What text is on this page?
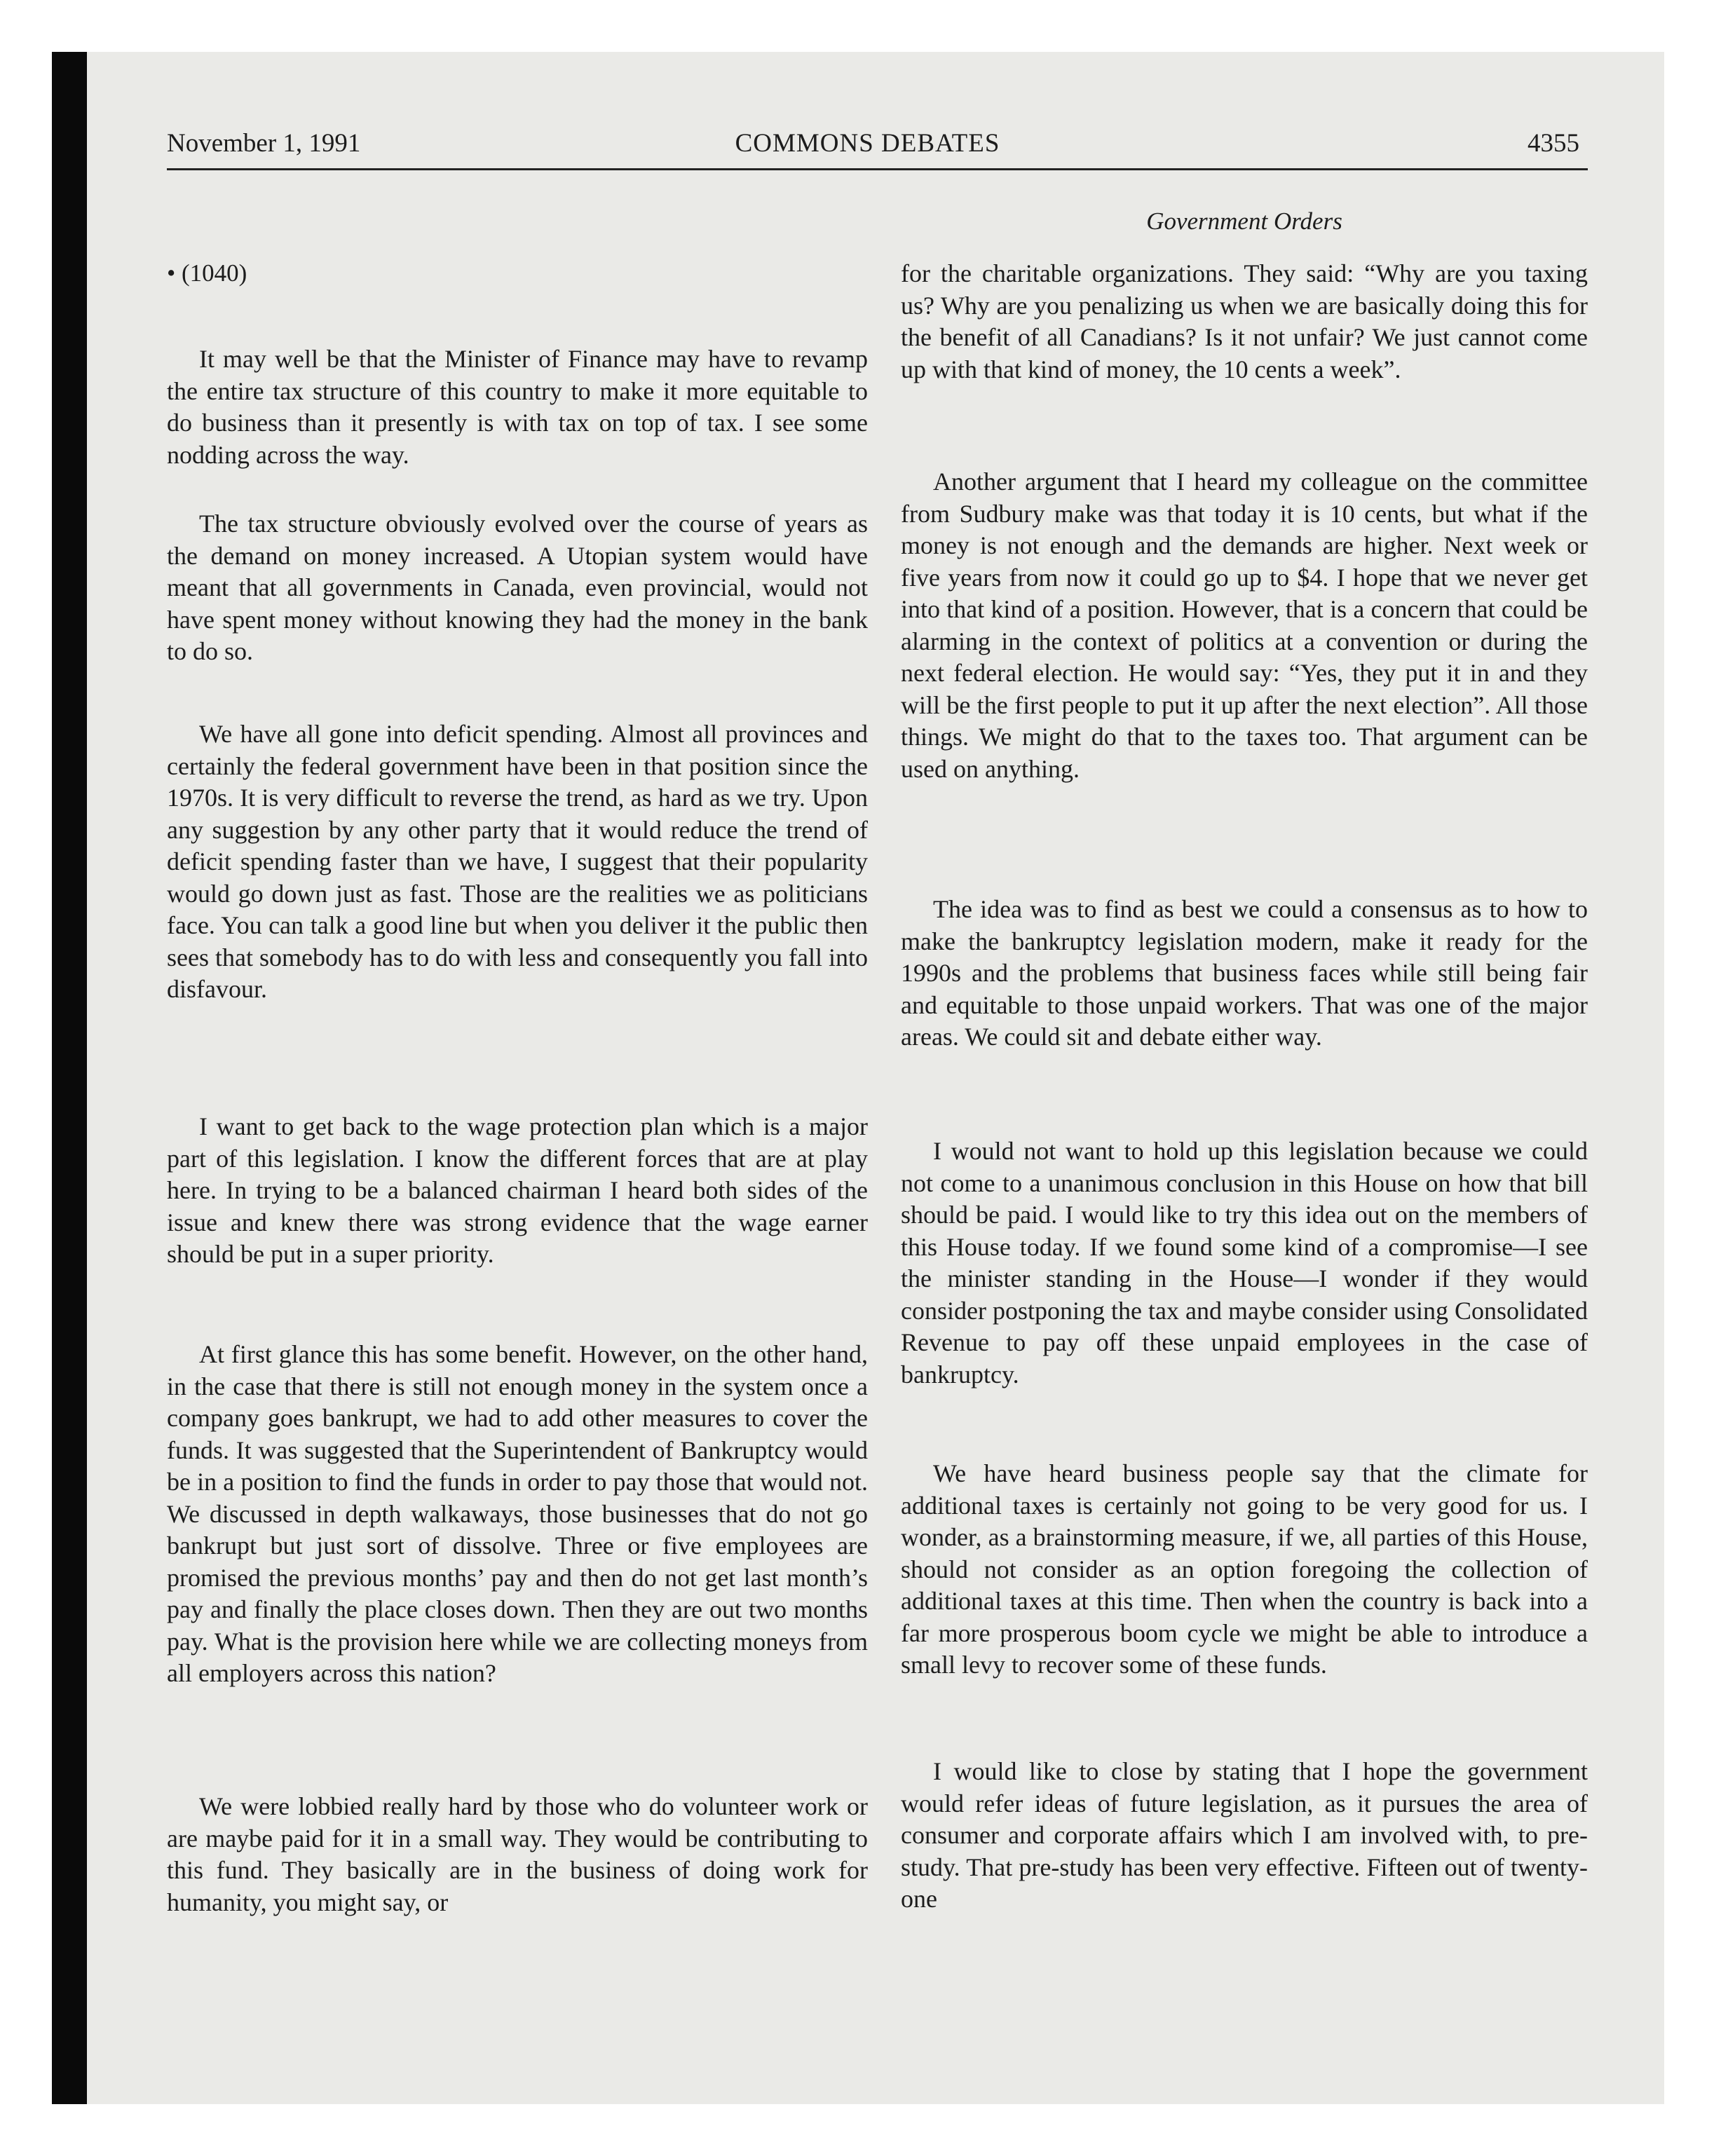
November 1, 1991	COMMONS DEBATES	4355
Government Orders
• (1040)

It may well be that the Minister of Finance may have to revamp the entire tax structure of this country to make it more equitable to do business than it presently is with tax on top of tax. I see some nodding across the way.

The tax structure obviously evolved over the course of years as the demand on money increased. A Utopian system would have meant that all governments in Canada, even provincial, would not have spent money without knowing they had the money in the bank to do so.

We have all gone into deficit spending. Almost all provinces and certainly the federal government have been in that position since the 1970s. It is very difficult to reverse the trend, as hard as we try. Upon any suggestion by any other party that it would reduce the trend of deficit spending faster than we have, I suggest that their popularity would go down just as fast. Those are the realities we as politicians face. You can talk a good line but when you deliver it the public then sees that somebody has to do with less and consequently you fall into disfavour.

I want to get back to the wage protection plan which is a major part of this legislation. I know the different forces that are at play here. In trying to be a balanced chairman I heard both sides of the issue and knew there was strong evidence that the wage earner should be put in a super priority.

At first glance this has some benefit. However, on the other hand, in the case that there is still not enough money in the system once a company goes bankrupt, we had to add other measures to cover the funds. It was suggested that the Superintendent of Bankruptcy would be in a position to find the funds in order to pay those that would not. We discussed in depth walkaways, those businesses that do not go bankrupt but just sort of dissolve. Three or five employees are promised the previous months’ pay and then do not get last month’s pay and finally the place closes down. Then they are out two months pay. What is the provision here while we are collecting moneys from all employers across this nation?

We were lobbied really hard by those who do volunteer work or are maybe paid for it in a small way. They would be contributing to this fund. They basically are in the business of doing work for humanity, you might say, or

for the charitable organizations. They said: “Why are you taxing us? Why are you penalizing us when we are basically doing this for the benefit of all Canadians? Is it not unfair? We just cannot come up with that kind of money, the 10 cents a week”.

Another argument that I heard my colleague on the committee from Sudbury make was that today it is 10 cents, but what if the money is not enough and the demands are higher. Next week or five years from now it could go up to $4. I hope that we never get into that kind of a position. However, that is a concern that could be alarming in the context of politics at a convention or during the next federal election. He would say: “Yes, they put it in and they will be the first people to put it up after the next election”. All those things. We might do that to the taxes too. That argument can be used on anything.

The idea was to find as best we could a consensus as to how to make the bankruptcy legislation modern, make it ready for the 1990s and the problems that business faces while still being fair and equitable to those unpaid workers. That was one of the major areas. We could sit and debate either way.

I would not want to hold up this legislation because we could not come to a unanimous conclusion in this House on how that bill should be paid. I would like to try this idea out on the members of this House today. If we found some kind of a compromise—I see the minister standing in the House—I wonder if they would consider postponing the tax and maybe consider using Consolidated Revenue to pay off these unpaid employees in the case of bankruptcy.

We have heard business people say that the climate for additional taxes is certainly not going to be very good for us. I wonder, as a brainstorming measure, if we, all parties of this House, should not consider as an option foregoing the collection of additional taxes at this time. Then when the country is back into a far more prosperous boom cycle we might be able to introduce a small levy to recover some of these funds.

I would like to close by stating that I hope the government would refer ideas of future legislation, as it pursues the area of consumer and corporate affairs which I am involved with, to pre-study. That pre-study has been very effective. Fifteen out of twenty-one
